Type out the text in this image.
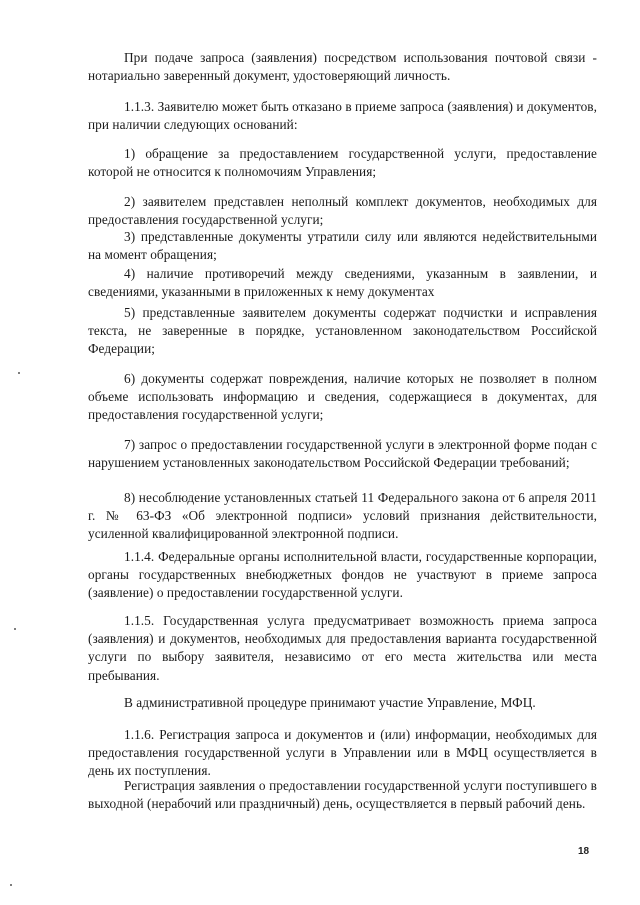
При подаче запроса (заявления) посредством использования почтовой связи - нотариально заверенный документ, удостоверяющий личность.

1.1.3. Заявителю может быть отказано в приеме запроса (заявления) и документов, при наличии следующих оснований:

1) обращение за предоставлением государственной услуги, предоставление которой не относится к полномочиям Управления;

2) заявителем представлен неполный комплект документов, необходимых для предоставления государственной услуги;

3) представленные документы утратили силу или являются недействительными на момент обращения;

4) наличие противоречий между сведениями, указанным в заявлении, и сведениями, указанными в приложенных к нему документах

5) представленные заявителем документы содержат подчистки и исправления текста, не заверенные в порядке, установленном законодательством Российской Федерации;

6) документы содержат повреждения, наличие которых не позволяет в полном объеме использовать информацию и сведения, содержащиеся в документах, для предоставления государственной услуги;

7) запрос о предоставлении государственной услуги в электронной форме подан с нарушением установленных законодательством Российской Федерации требований;

8) несоблюдение установленных статьей 11 Федерального закона от 6 апреля 2011 г. № 63-ФЗ «Об электронной подписи» условий признания действительности, усиленной квалифицированной электронной подписи.

1.1.4. Федеральные органы исполнительной власти, государственные корпорации, органы государственных внебюджетных фондов не участвуют в приеме запроса (заявление) о предоставлении государственной услуги.

1.1.5. Государственная услуга предусматривает возможность приема запроса (заявления) и документов, необходимых для предоставления варианта государственной услуги по выбору заявителя, независимо от его места жительства или места пребывания.

В административной процедуре принимают участие Управление, МФЦ.

1.1.6. Регистрация запроса и документов и (или) информации, необходимых для предоставления государственной услуги в Управлении или в МФЦ осуществляется в день их поступления.

Регистрация заявления о предоставлении государственной услуги поступившего в выходной (нерабочий или праздничный) день, осуществляется в первый рабочий день.

18
